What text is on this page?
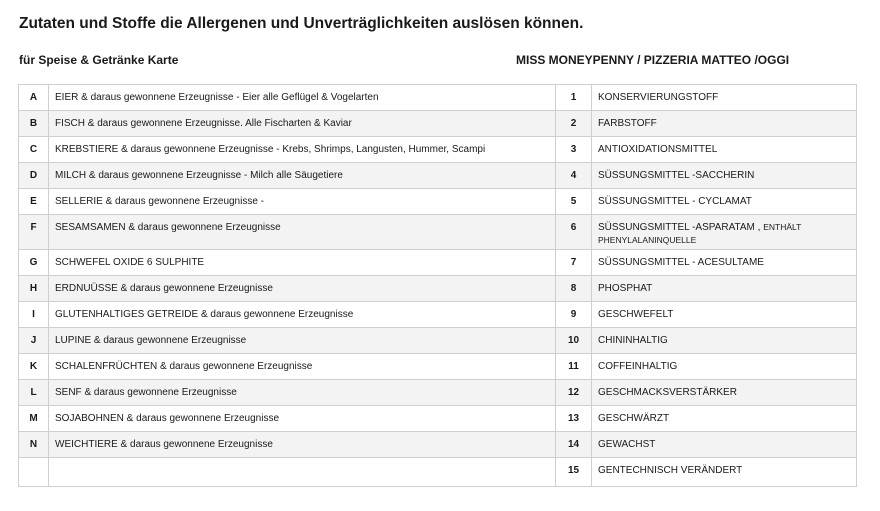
Zutaten und Stoffe die Allergenen und Unverträglichkeiten auslösen können.
für Speise & Getränke Karte	MISS MONEYPENNY / PIZZERIA MATTEO /OGGI
A	EIER & daraus gewonnene Erzeugnisse - Eier alle Geflügel & Vogelarten	1	KONSERVIERUNGSTOFF
B	FISCH & daraus gewonnene Erzeugnisse. Alle Fischarten & Kaviar	2	FARBSTOFF
C	KREBSTIERE & daraus gewonnene Erzeugnisse - Krebs, Shrimps, Langusten, Hummer, Scampi	3	ANTIOXIDATIONSMITTEL
D	MILCH & daraus gewonnene Erzeugnisse - Milch alle Säugetiere	4	SÜSSUNGSMITTEL -SACCHERIN
E	SELLERIE & daraus gewonnene Erzeugnisse -	5	SÜSSUNGSMITTEL - CYCLAMAT
F	SESAMSAMEN & daraus gewonnene Erzeugnisse	6	SÜSSUNGSMITTEL -ASPARATAM , ENTHÄLT
PHENYLALANINQUELLE

G	SCHWEFEL OXIDE 6 SULPHITE	7	SÜSSUNGSMITTEL - ACESULTAME
H	ERDNUÜSSE & daraus gewonnene Erzeugnisse	8	PHOSPHAT
I	GLUTENHALTIGES GETREIDE & daraus gewonnene Erzeugnisse	9	GESCHWEFELT
J	LUPINE & daraus gewonnene Erzeugnisse	10	CHININHALTIG
K	SCHALENFRÜCHTEN & daraus gewonnene Erzeugnisse	11	COFFEINHALTIG
L	SENF & daraus gewonnene Erzeugnisse	12	GESCHMACKSVERSTÄRKER
M	SOJABOHNEN & daraus gewonnene Erzeugnisse	13	GESCHWÄRZT
N	WEICHTIERE & daraus gewonnene Erzeugnisse	14	GEWACHST
		15	GENTECHNISCH VERÄNDERT
